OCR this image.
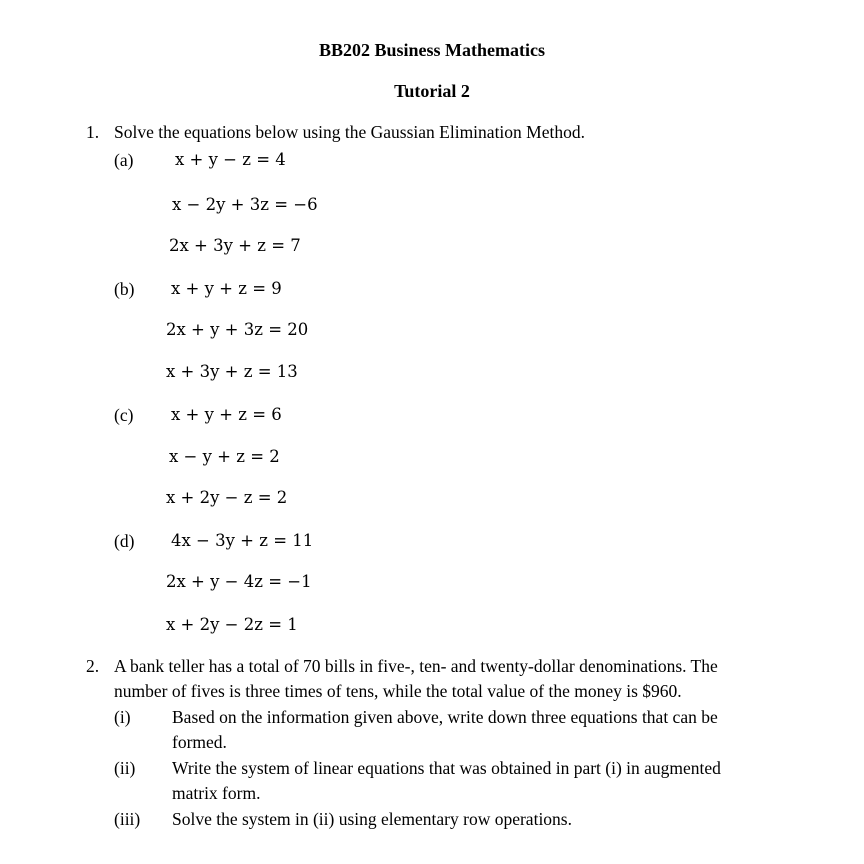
BB202 Business Mathematics
Tutorial 2
1. Solve the equations below using the Gaussian Elimination Method.
(a)	x + y − z = 4
x − 2y + 3z = −6
2x + 3y + z = 7
(b) x + y + z = 9
2x + y + 3z = 20
x + 3y + z = 13
(c) x + y + z = 6
x − y + z = 2
x + 2y − z = 2
(d) 4x − 3y + z = 11
2x + y − 4z = −1
x + 2y − 2z = 1
2. A bank teller has a total of 70 bills in five-, ten- and twenty-dollar denominations. The
number of fives is three times of tens, while the total value of the money is $960.
(i) Based on the information given above, write down three equations that can be
formed.
(ii) Write the system of linear equations that was obtained in part (i) in augmented
matrix form.
(iii) Solve the system in (ii) using elementary row operations.
